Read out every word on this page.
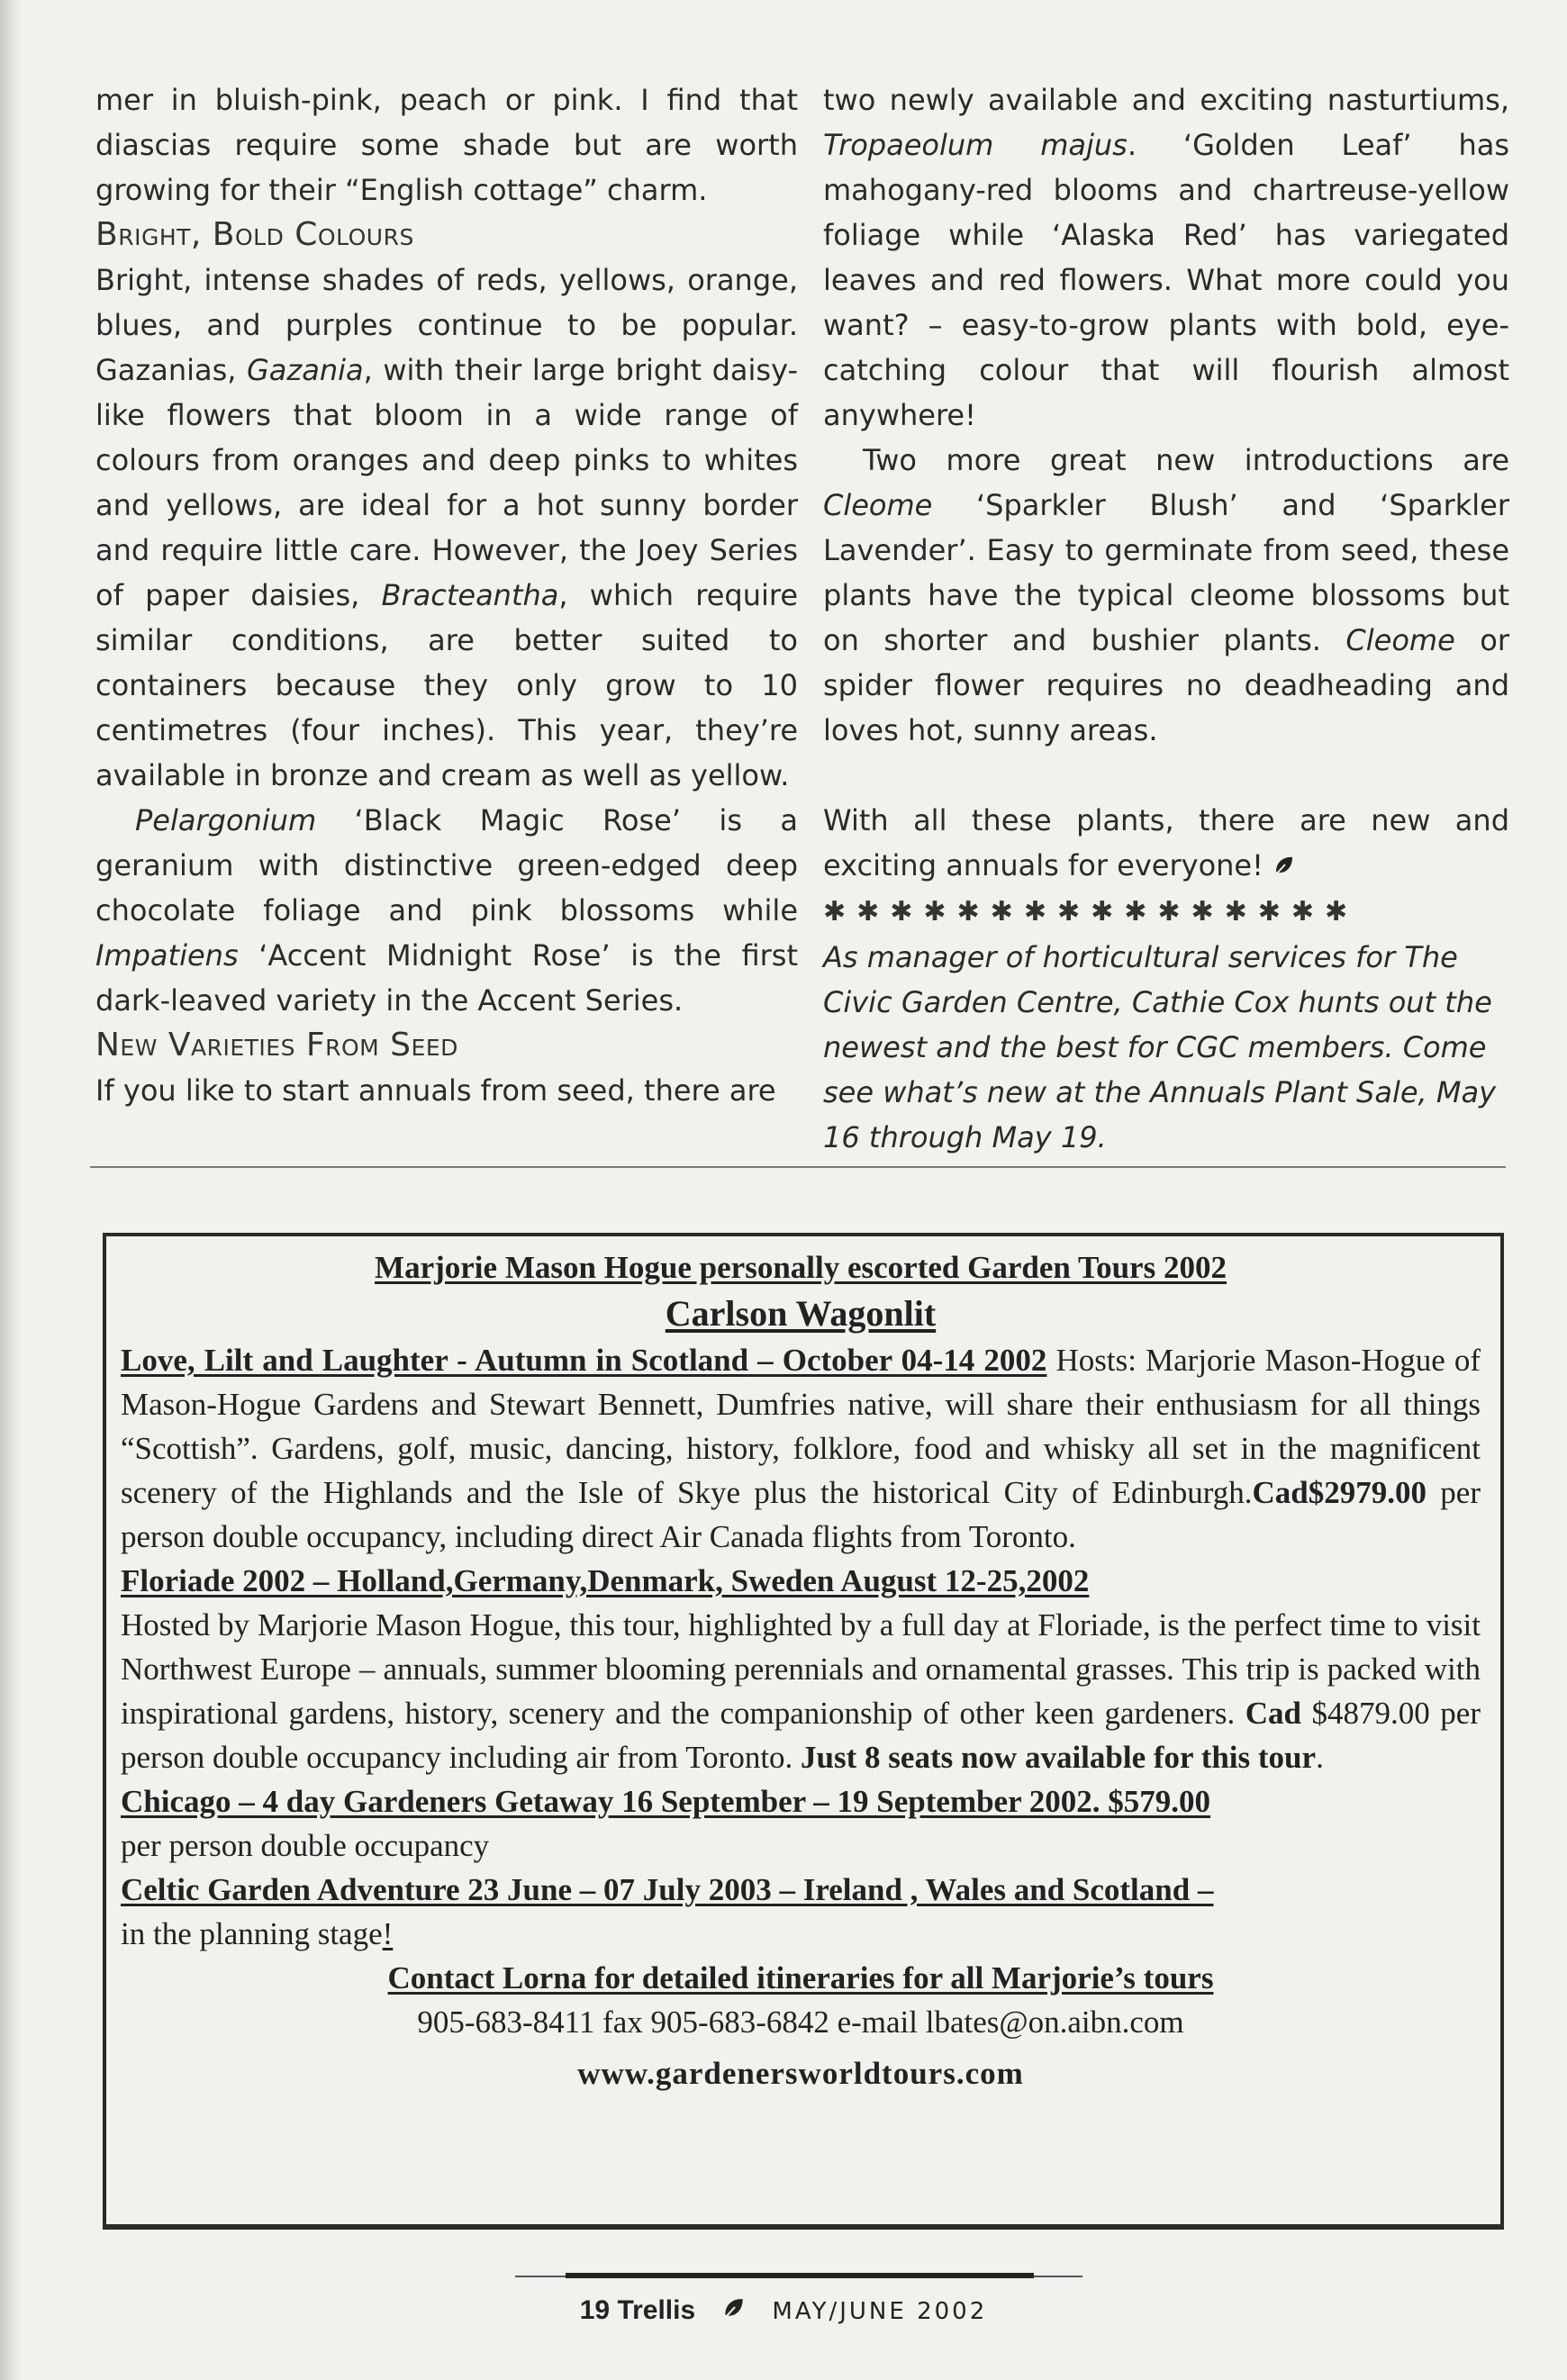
mer in bluish-pink, peach or pink. I find that diascias require some shade but are worth growing for their “English cottage” charm.

Bright, Bold Colours

Bright, intense shades of reds, yellows, orange, blues, and purples continue to be popular. Gazanias, Gazania, with their large bright daisy-like flowers that bloom in a wide range of colours from oranges and deep pinks to whites and yellows, are ideal for a hot sunny border and require little care. However, the Joey Series of paper daisies, Bracteantha, which require similar conditions, are better suited to containers because they only grow to 10 centimetres (four inches). This year, they’re available in bronze and cream as well as yellow.

Pelargonium ‘Black Magic Rose’ is a geranium with distinctive green-edged deep chocolate foliage and pink blossoms while Impatiens ‘Accent Midnight Rose’ is the first dark-leaved variety in the Accent Series.

New Varieties From Seed

If you like to start annuals from seed, there are

two newly available and exciting nasturtiums, Tropaeolum majus. ‘Golden Leaf’ has mahogany-red blooms and chartreuse-yellow foliage while ‘Alaska Red’ has variegated leaves and red flowers. What more could you want? – easy-to-grow plants with bold, eye-catching colour that will flourish almost anywhere!

Two more great new introductions are Cleome ‘Sparkler Blush’ and ‘Sparkler Lavender’. Easy to germinate from seed, these plants have the typical cleome blossoms but on shorter and bushier plants. Cleome or spider flower requires no deadheading and loves hot, sunny areas.

With all these plants, there are new and exciting annuals for everyone!

✱✱✱✱✱✱✱✱✱✱✱✱✱✱✱✱

As manager of horticultural services for The Civic Garden Centre, Cathie Cox hunts out the newest and the best for CGC members. Come see what’s new at the Annuals Plant Sale, May 16 through May 19.

Marjorie Mason Hogue personally escorted Garden Tours 2002

Carlson Wagonlit

Love, Lilt and Laughter - Autumn in Scotland – October 04-14 2002 Hosts: Marjorie Mason-Hogue of Mason-Hogue Gardens and Stewart Bennett, Dumfries native, will share their enthusiasm for all things “Scottish”. Gardens, golf, music, dancing, history, folklore, food and whisky all set in the magnificent scenery of the Highlands and the Isle of Skye plus the historical City of Edinburgh.Cad$2979.00 per person double occupancy, including direct Air Canada flights from Toronto.

Floriade 2002 – Holland,Germany,Denmark, Sweden August 12-25,2002

Hosted by Marjorie Mason Hogue, this tour, highlighted by a full day at Floriade, is the perfect time to visit Northwest Europe – annuals, summer blooming perennials and ornamental grasses. This trip is packed with inspirational gardens, history, scenery and the companionship of other keen gardeners. Cad $4879.00 per person double occupancy including air from Toronto. Just 8 seats now available for this tour.

Chicago – 4 day Gardeners Getaway 16 September – 19 September 2002. $579.00

per person double occupancy

Celtic Garden Adventure 23 June – 07 July 2003 – Ireland , Wales and Scotland –

in the planning stage!

Contact Lorna for detailed itineraries for all Marjorie’s tours

905-683-8411 fax 905-683-6842 e-mail lbates@on.aibn.com

www.gardenersworldtours.com

19 Trellis	MAY/JUNE 2002
